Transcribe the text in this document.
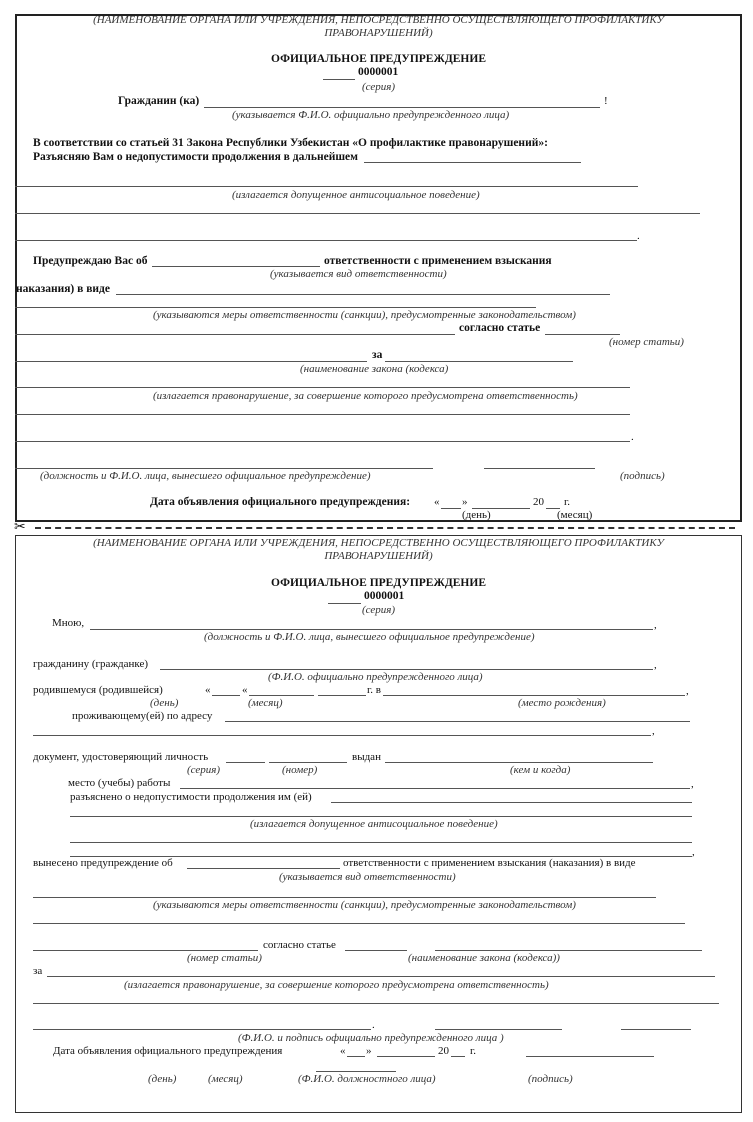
(НАИМЕНОВАНИЕ ОРГАНА ИЛИ УЧРЕЖДЕНИЯ, НЕПОСРЕДСТВЕННО ОСУЩЕСТВЛЯЮЩЕГО ПРОФИЛАКТИКУ
ПРАВОНАРУШЕНИЙ)
ОФИЦИАЛЬНОЕ ПРЕДУПРЕЖДЕНИЕ
0000001
(серия)
Гражданин (ка)	!
(указывается Ф.И.О. официально предупрежденного лица)
В соответствии со статьей 31 Закона Республики Узбекистан «О профилактике правонарушений»:
Разъясняю Вам о недопустимости продолжения в дальнейшем
(излагается допущенное антисоциальное поведение)
.
Предупреждаю Вас об	ответственности с применением взыскания
(указывается вид ответственности)
наказания) в виде
(указываются меры ответственности (санкции), предусмотренные законодательством)
согласно статье
(номер статьи)
за
(наименование закона (кодекса)
(излагается правонарушение, за совершение которого предусмотрена ответственность)
.
(должность и Ф.И.О. лица, вынесшего официальное предупреждение)	(подпись)
Дата объявления официального предупреждения: « »	20 г.
(день)	(месяц)
✂
(НАИМЕНОВАНИЕ ОРГАНА ИЛИ УЧРЕЖДЕНИЯ, НЕПОСРЕДСТВЕННО ОСУЩЕСТВЛЯЮЩЕГО ПРОФИЛАКТИКУ
ПРАВОНАРУШЕНИЙ)
ОФИЦИАЛЬНОЕ ПРЕДУПРЕЖДЕНИЕ
0000001
(серия)
Мною,	,
(должность и Ф.И.О. лица, вынесшего официальное предупреждение)
гражданину (гражданке)	,
(Ф.И.О. официально предупрежденного лица)
родившемуся (родившейся)	«	«	г. в	,
(день)	(месяц)	(место рождения)
проживающему(ей) по адресу
,
документ, удостоверяющий личность	выдан
(серия)	(номер)	(кем и когда)
место (учебы) работы	,
разъяснено о недопустимости продолжения им (ей)
(излагается допущенное антисоциальное поведение)
,
вынесено предупреждение об	ответственности с применением взыскания (наказания) в виде
(указывается вид ответственности)
(указываются меры ответственности (санкции), предусмотренные законодательством)
согласно статье
(номер статьи)	(наименование закона (кодекса))
за
(излагается правонарушение, за совершение которого предусмотрена ответственность)
.
(Ф.И.О. и подпись официально предупрежденного лица )
Дата объявления официального предупреждения	« »	20 г.
(день)	(месяц)	(Ф.И.О. должностного лица)	(подпись)
